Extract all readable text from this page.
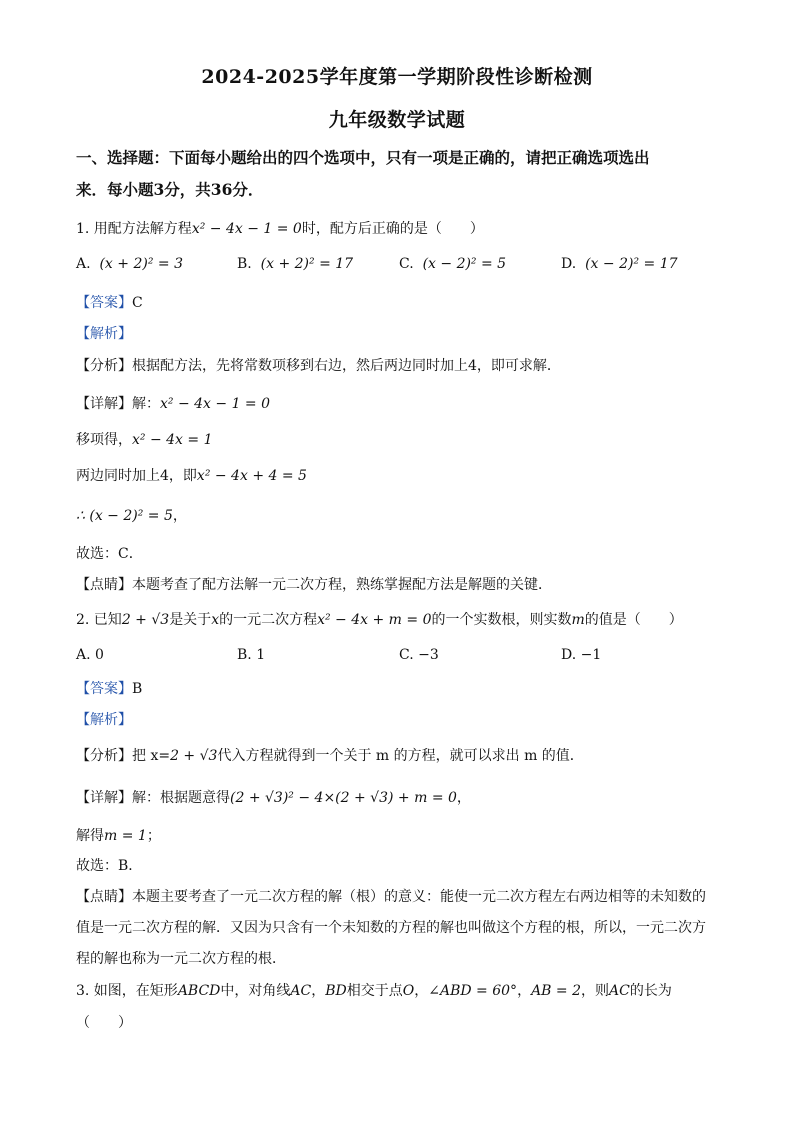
2024-2025学年度第一学期阶段性诊断检测
九年级数学试题
一、选择题：下面每小题给出的四个选项中，只有一项是正确的，请把正确选项选出
来．每小题3分，共36分．
1. 用配方法解方程x² − 4x − 1 = 0时，配方后正确的是（　　）
A. (x + 2)² = 3	B. (x + 2)² = 17	C. (x − 2)² = 5	D. (x − 2)² = 17
【答案】C
【解析】
【分析】根据配方法，先将常数项移到右边，然后两边同时加上4，即可求解．
【详解】解：x² − 4x − 1 = 0
移项得，x² − 4x = 1
两边同时加上4，即x² − 4x + 4 = 5
∴ (x − 2)² = 5，
故选：C．
【点睛】本题考查了配方法解一元二次方程，熟练掌握配方法是解题的关键．
2. 已知2 + √3是关于x的一元二次方程x² − 4x + m = 0的一个实数根，则实数m的值是（　　）
A. 0	B. 1	C. −3	D. −1
【答案】B
【解析】
【分析】把 x=2 + √3代入方程就得到一个关于 m 的方程，就可以求出 m 的值．
【详解】解：根据题意得(2 + √3)² − 4×(2 + √3) + m = 0，
解得m = 1；
故选：B．
【点睛】本题主要考查了一元二次方程的解（根）的意义：能使一元二次方程左右两边相等的未知数的
值是一元二次方程的解．又因为只含有一个未知数的方程的解也叫做这个方程的根，所以，一元二次方
程的解也称为一元二次方程的根．
3. 如图，在矩形ABCD中，对角线AC，BD相交于点O，∠ABD = 60°，AB = 2，则AC的长为
（　　）
